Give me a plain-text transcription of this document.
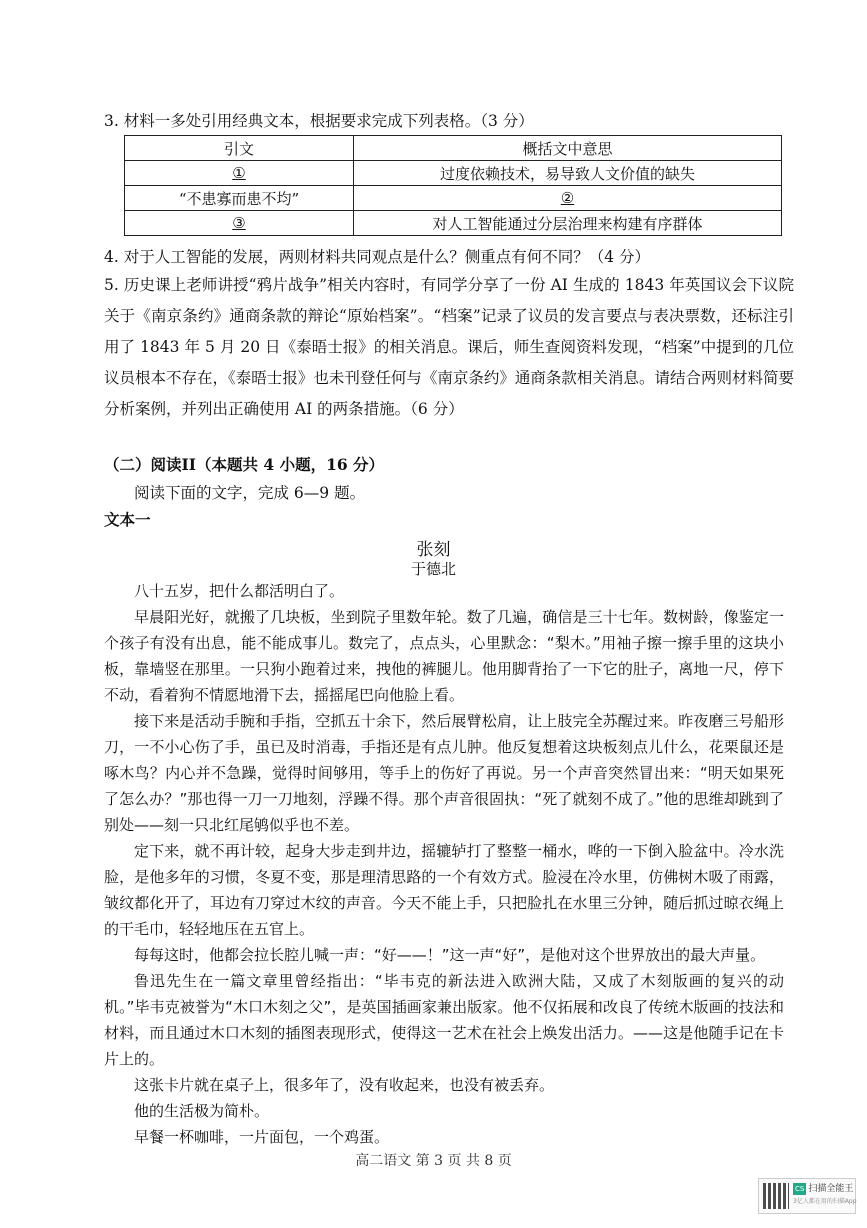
3. 材料一多处引用经典文本，根据要求完成下列表格。（3 分）
引文	概括文中意思
①	过度依赖技术，易导致人文价值的缺失
“不患寡而患不均”	②
③	对人工智能通过分层治理来构建有序群体
4. 对于人工智能的发展，两则材料共同观点是什么？侧重点有何不同？（4 分）
5. 历史课上老师讲授“鸦片战争”相关内容时，有同学分享了一份 AI 生成的 1843 年英国议会下议院关于《南京条约》通商条款的辩论“原始档案”。“档案”记录了议员的发言要点与表决票数，还标注引用了 1843 年 5 月 20 日《泰晤士报》的相关消息。课后，师生查阅资料发现，“档案”中提到的几位议员根本不存在，《泰晤士报》也未刊登任何与《南京条约》通商条款相关消息。请结合两则材料简要分析案例，并列出正确使用 AI 的两条措施。（6 分）
（二）阅读II（本题共 4 小题，16 分）
阅读下面的文字，完成 6—9 题。
文本一
张刻
于德北

八十五岁，把什么都活明白了。

早晨阳光好，就搬了几块板，坐到院子里数年轮。数了几遍，确信是三十七年。数树龄，像鉴定一个孩子有没有出息，能不能成事儿。数完了，点点头，心里默念：“梨木。”用袖子擦一擦手里的这块小板，靠墙竖在那里。一只狗小跑着过来，拽他的裤腿儿。他用脚背抬了一下它的肚子，离地一尺，停下不动，看着狗不情愿地滑下去，摇摇尾巴向他脸上看。

接下来是活动手腕和手指，空抓五十余下，然后展臂松肩，让上肢完全苏醒过来。昨夜磨三号船形刀，一不小心伤了手，虽已及时消毒，手指还是有点儿肿。他反复想着这块板刻点儿什么，花栗鼠还是啄木鸟？内心并不急躁，觉得时间够用，等手上的伤好了再说。另一个声音突然冒出来：“明天如果死了怎么办？”那也得一刀一刀地刻，浮躁不得。那个声音很固执：“死了就刻不成了。”他的思维却跳到了别处——刻一只北红尾鸲似乎也不差。

定下来，就不再计较，起身大步走到井边，摇辘轳打了整整一桶水，哗的一下倒入脸盆中。冷水洗脸，是他多年的习惯，冬夏不变，那是理清思路的一个有效方式。脸浸在冷水里，仿佛树木吸了雨露，皱纹都化开了，耳边有刀穿过木纹的声音。今天不能上手，只把脸扎在水里三分钟，随后抓过晾衣绳上的干毛巾，轻轻地压在五官上。

每每这时，他都会拉长腔儿喊一声：“好——！”这一声“好”，是他对这个世界放出的最大声量。

鲁迅先生在一篇文章里曾经指出：“毕韦克的新法进入欧洲大陆，又成了木刻版画的复兴的动机。”毕韦克被誉为“木口木刻之父”，是英国插画家兼出版家。他不仅拓展和改良了传统木版画的技法和材料，而且通过木口木刻的插图表现形式，使得这一艺术在社会上焕发出活力。——这是他随手记在卡片上的。

这张卡片就在桌子上，很多年了，没有收起来，也没有被丢弃。

他的生活极为简朴。

早餐一杯咖啡，一片面包，一个鸡蛋。

高二语文 第 3 页 共 8 页
CS 扫描全能王
3亿人都在用的扫描App
